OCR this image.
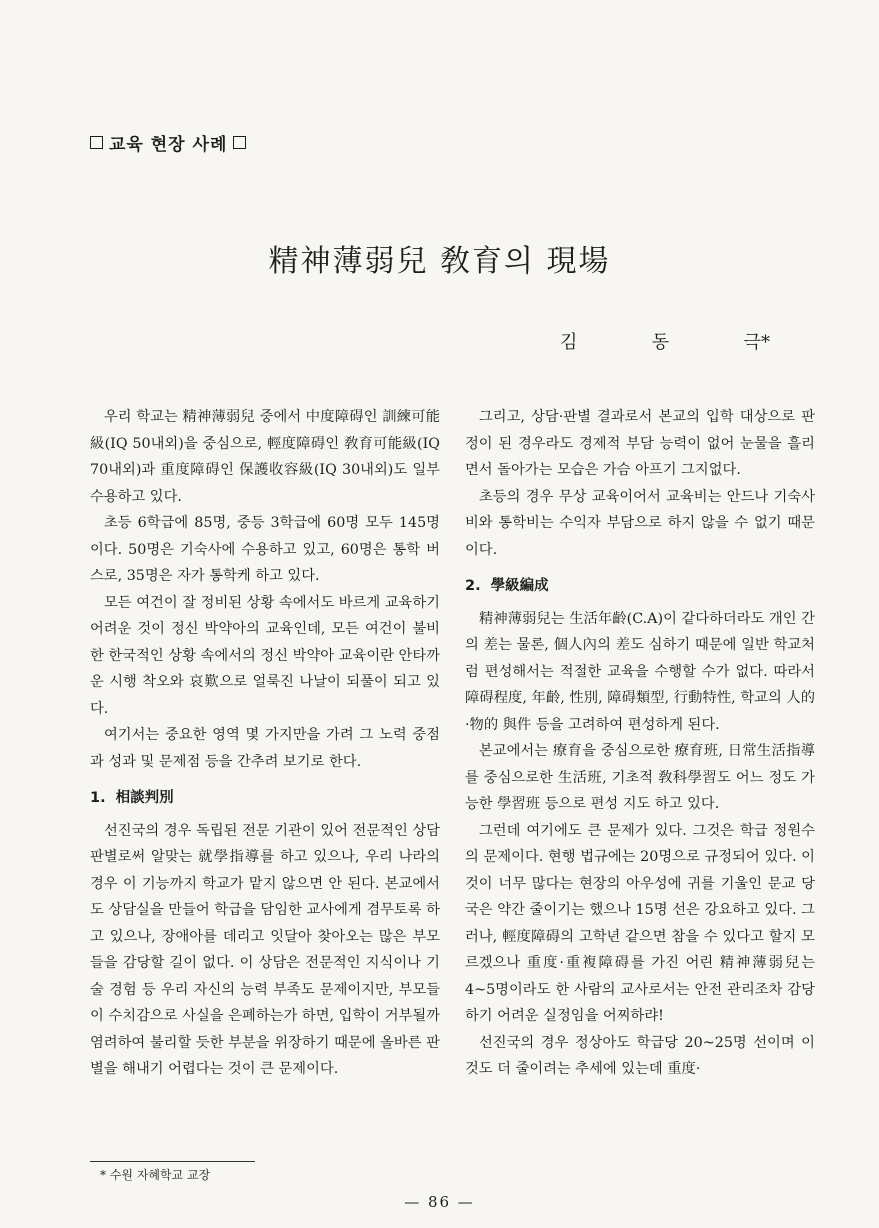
교육 현장 사례
精神薄弱兒 敎育의 現場
김	동	극*

우리 학교는 精神薄弱兒 중에서 中度障碍인 訓練可能級(IQ 50내외)을 중심으로, 輕度障碍인 敎育可能級(IQ 70내외)과 重度障碍인 保護收容級(IQ 30내외)도 일부 수용하고 있다.

초등 6학급에 85명, 중등 3학급에 60명 모두 145명이다. 50명은 기숙사에 수용하고 있고, 60명은 통학 버스로, 35명은 자가 통학케 하고 있다.

모든 여건이 잘 정비된 상황 속에서도 바르게 교육하기 어려운 것이 정신 박약아의 교육인데, 모든 여건이 불비한 한국적인 상황 속에서의 정신 박약아 교육이란 안타까운 시행 착오와 哀歎으로 얼룩진 나날이 되풀이 되고 있다.

여기서는 중요한 영역 몇 가지만을 가려 그 노력 중점과 성과 및 문제점 등을 간추려 보기로 한다.

1. 相談判別

선진국의 경우 독립된 전문 기관이 있어 전문적인 상담 판별로써 알맞는 就學指導를 하고 있으나, 우리 나라의 경우 이 기능까지 학교가 맡지 않으면 안 된다. 본교에서도 상담실을 만들어 학급을 담임한 교사에게 겸무토록 하고 있으나, 장애아를 데리고 잇달아 찾아오는 많은 부모들을 감당할 길이 없다. 이 상담은 전문적인 지식이나 기술 경험 등 우리 자신의 능력 부족도 문제이지만, 부모들이 수치감으로 사실을 은폐하는가 하면, 입학이 거부될까 염려하여 불리할 듯한 부분을 위장하기 때문에 올바른 판별을 해내기 어렵다는 것이 큰 문제이다.

그리고, 상담·판별 결과로서 본교의 입학 대상으로 판정이 된 경우라도 경제적 부담 능력이 없어 눈물을 흘리면서 돌아가는 모습은 가슴 아프기 그지없다.

초등의 경우 무상 교육이어서 교육비는 안드나 기숙사비와 통학비는 수익자 부담으로 하지 않을 수 없기 때문이다.

2. 學級編成

精神薄弱兒는 生活年齡(C.A)이 같다하더라도 개인 간의 差는 물론, 個人內의 差도 심하기 때문에 일반 학교처럼 편성해서는 적절한 교육을 수행할 수가 없다. 따라서 障碍程度, 年齡, 性別, 障碍類型, 行動特性, 학교의 人的·物的 與件 등을 고려하여 편성하게 된다.

본교에서는 療育을 중심으로한 療育班, 日常生活指導를 중심으로한 生活班, 기초적 敎科學習도 어느 정도 가능한 學習班 등으로 편성 지도 하고 있다.

그런데 여기에도 큰 문제가 있다. 그것은 학급 정원수의 문제이다. 현행 법규에는 20명으로 규정되어 있다. 이것이 너무 많다는 현장의 아우성에 귀를 기울인 문교 당국은 약간 줄이기는 했으나 15명 선은 강요하고 있다. 그러나, 輕度障碍의 고학년 같으면 참을 수 있다고 할지 모르겠으나 重度·重複障碍를 가진 어린 精神薄弱兒는 4~5명이라도 한 사람의 교사로서는 안전 관리조차 감당하기 어려운 실정임을 어찌하랴!

선진국의 경우 정상아도 학급당 20~25명 선이며 이것도 더 줄이려는 추세에 있는데 重度·

* 수원 자혜학교 교장
— 86 —
